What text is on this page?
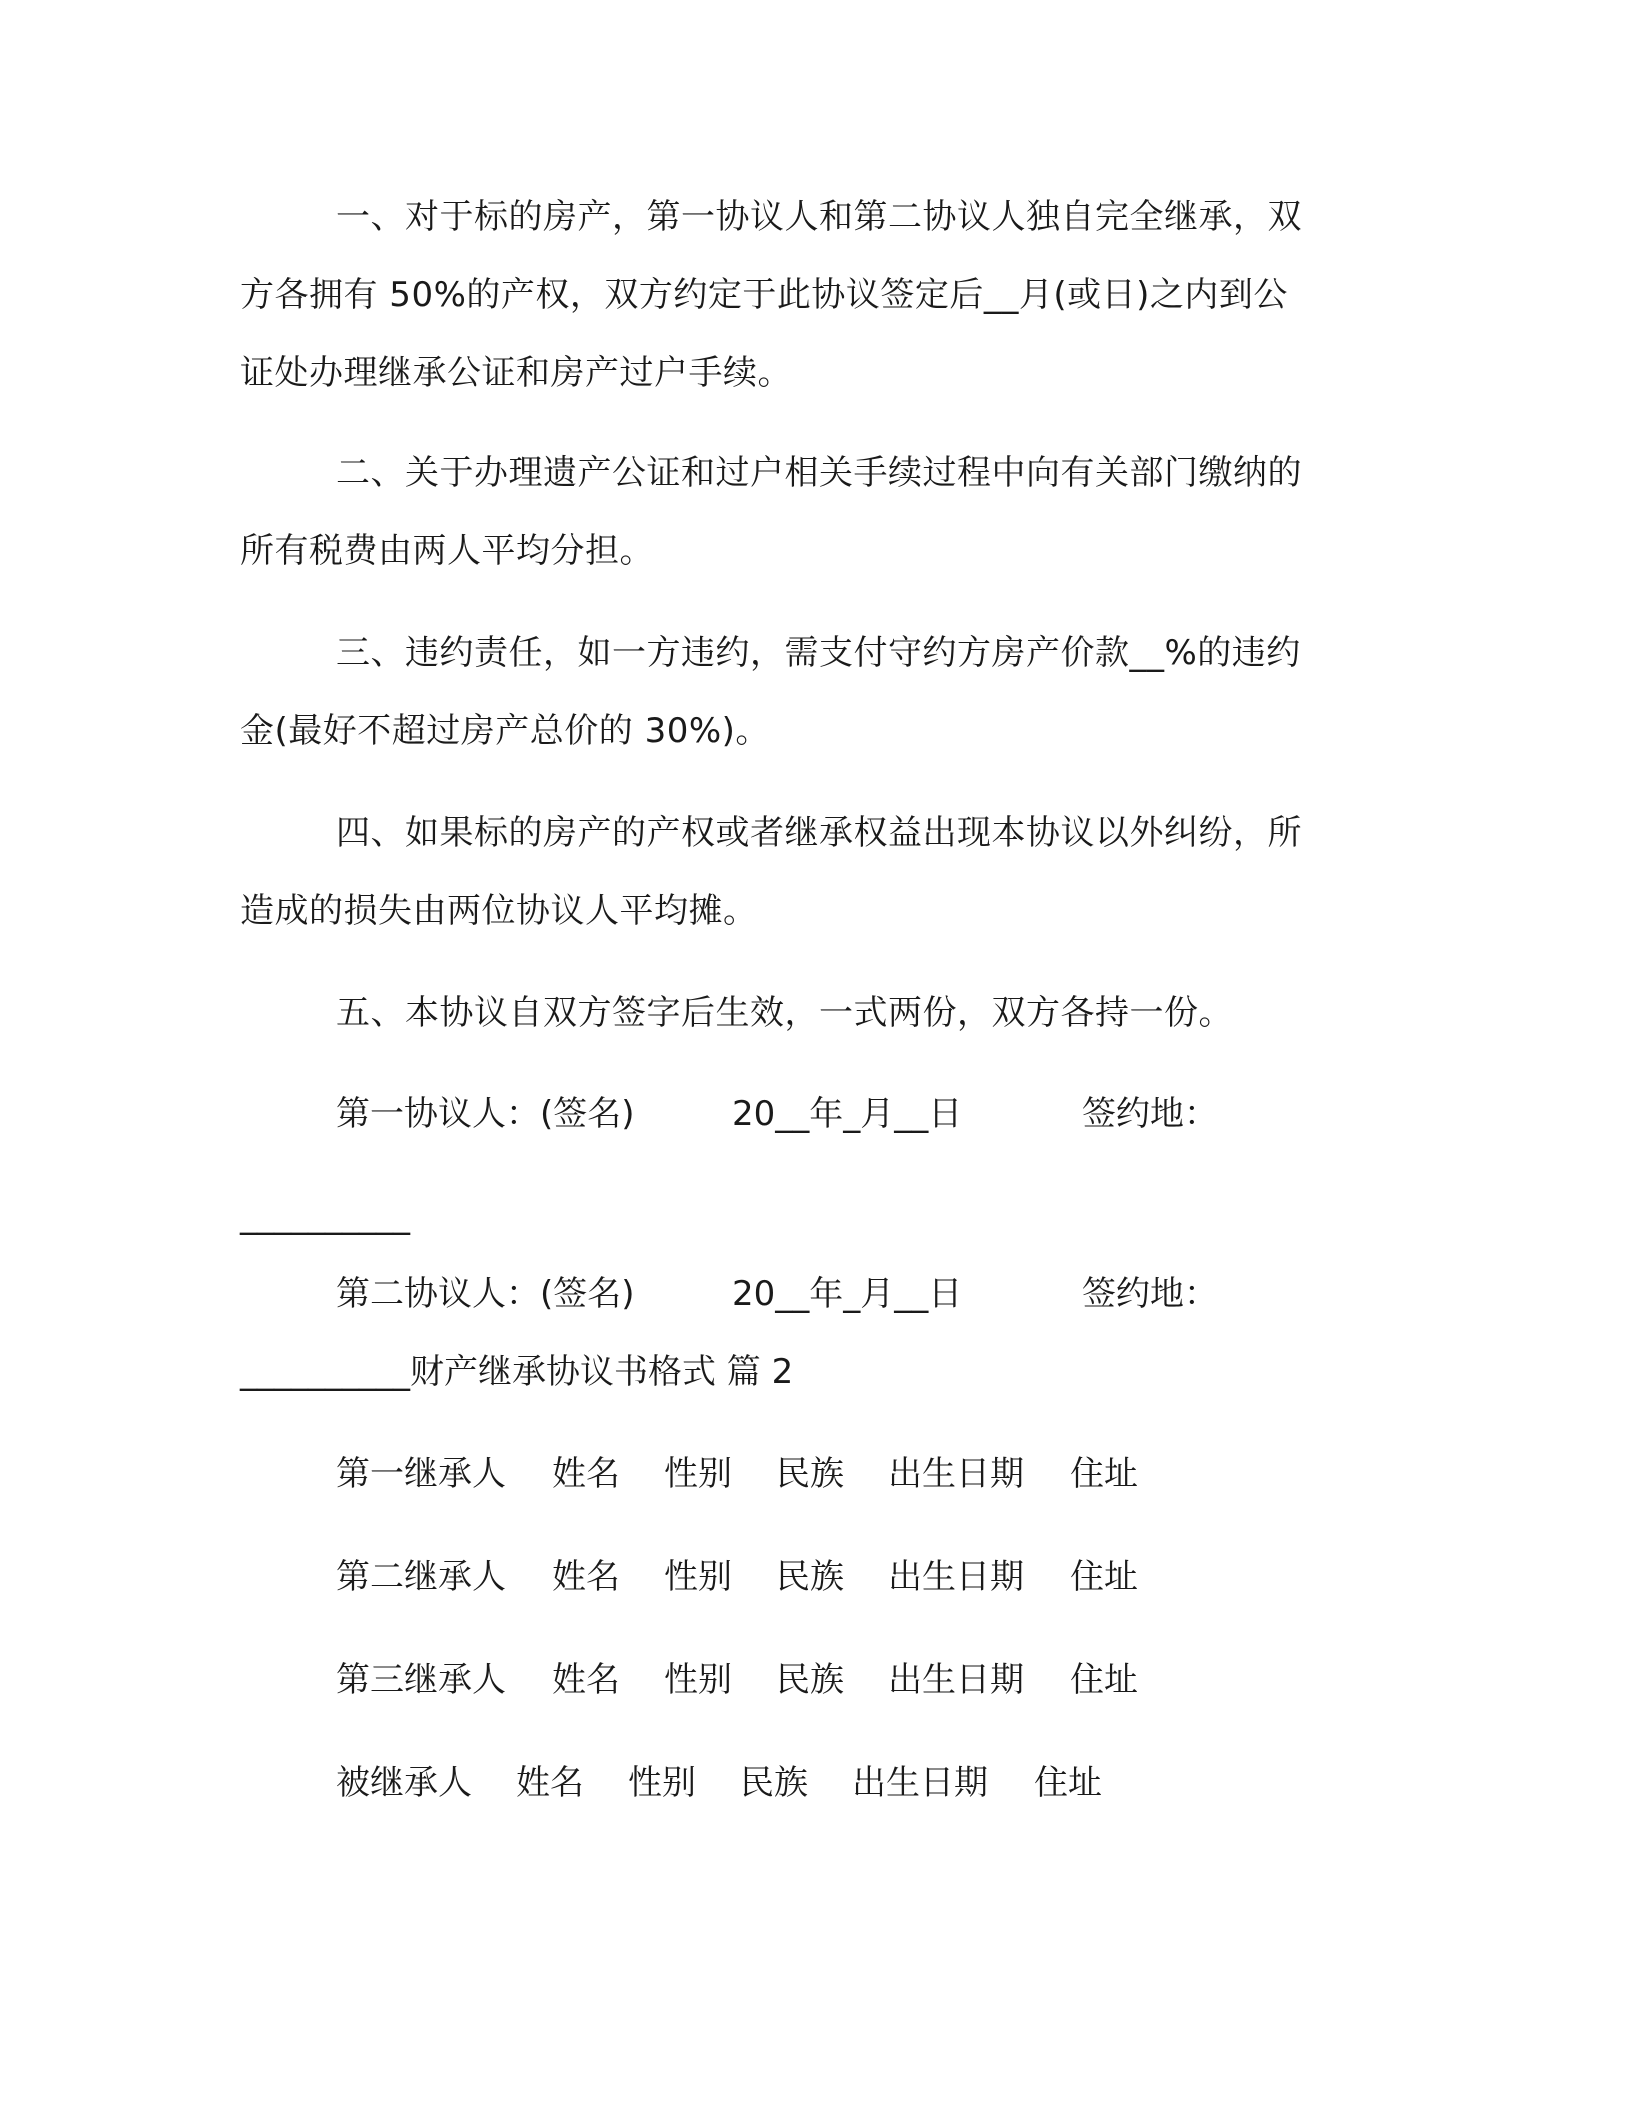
一、对于标的房产，第一协议人和第二协议人独自完全继承，双
方各拥有 50%的产权，双方约定于此协议签定后__月(或日)之内到公
证处办理继承公证和房产过户手续。
二、关于办理遗产公证和过户相关手续过程中向有关部门缴纳的
所有税费由两人平均分担。
三、违约责任，如一方违约，需支付守约方房产价款__%的违约
金(最好不超过房产总价的 30%)。
四、如果标的房产的产权或者继承权益出现本协议以外纠纷，所
造成的损失由两位协议人平均摊。
五、本协议自双方签字后生效，一式两份，双方各持一份。
第一协议人：(签名)	20__年_月__日	签约地：
__________
第二协议人：(签名)	20__年_月__日	签约地：
__________财产继承协议书格式 篇 2
第一继承人 姓名 性别 民族 出生日期 住址
第二继承人 姓名 性别 民族 出生日期 住址
第三继承人 姓名 性别 民族 出生日期 住址
被继承人 姓名 性别 民族 出生日期 住址
